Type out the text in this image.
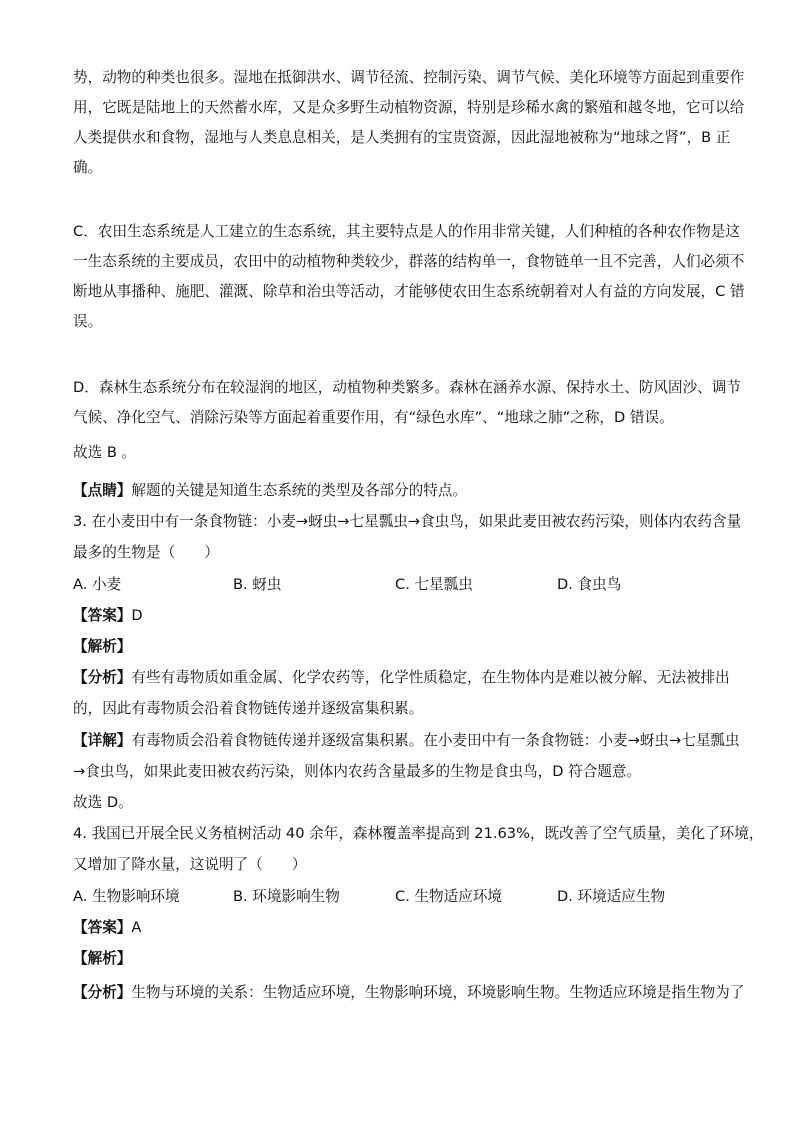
势，动物的种类也很多。湿地在抵御洪水、调节径流、控制污染、调节气候、美化环境等方面起到重要作
用，它既是陆地上的天然蓄水库，又是众多野生动植物资源，特别是珍稀水禽的繁殖和越冬地，它可以给
人类提供水和食物，湿地与人类息息相关，是人类拥有的宝贵资源，因此湿地被称为“地球之肾”，B 正
确。
C．农田生态系统是人工建立的生态系统，其主要特点是人的作用非常关键，人们种植的各种农作物是这
一生态系统的主要成员，农田中的动植物种类较少，群落的结构单一，食物链单一且不完善，人们必须不
断地从事播种、施肥、灌溉、除草和治虫等活动，才能够使农田生态系统朝着对人有益的方向发展，C 错
误。
D．森林生态系统分布在较湿润的地区，动植物种类繁多。森林在涵养水源、保持水土、防风固沙、调节
气候、净化空气、消除污染等方面起着重要作用，有“绿色水库”、“地球之肺”之称，D 错误。
故选 B 。
【点睛】解题的关键是知道生态系统的类型及各部分的特点。
3. 在小麦田中有一条食物链：小麦→蚜虫→七星瓢虫→食虫鸟，如果此麦田被农药污染，则体内农药含量
最多的生物是（　　）
A. 小麦	B. 蚜虫	C. 七星瓢虫	D. 食虫鸟
【答案】D
【解析】
【分析】有些有毒物质如重金属、化学农药等，化学性质稳定，在生物体内是难以被分解、无法被排出
的，因此有毒物质会沿着食物链传递并逐级富集积累。
【详解】有毒物质会沿着食物链传递并逐级富集积累。在小麦田中有一条食物链：小麦→蚜虫→七星瓢虫
→食虫鸟，如果此麦田被农药污染，则体内农药含量最多的生物是食虫鸟，D 符合题意。
故选 D。
4. 我国已开展全民义务植树活动 40 余年，森林覆盖率提高到 21.63%，既改善了空气质量，美化了环境，
又增加了降水量，这说明了（　　）
A. 生物影响环境	B. 环境影响生物	C. 生物适应环境	D. 环境适应生物
【答案】A
【解析】
【分析】生物与环境的关系：生物适应环境，生物影响环境，环境影响生物。生物适应环境是指生物为了
